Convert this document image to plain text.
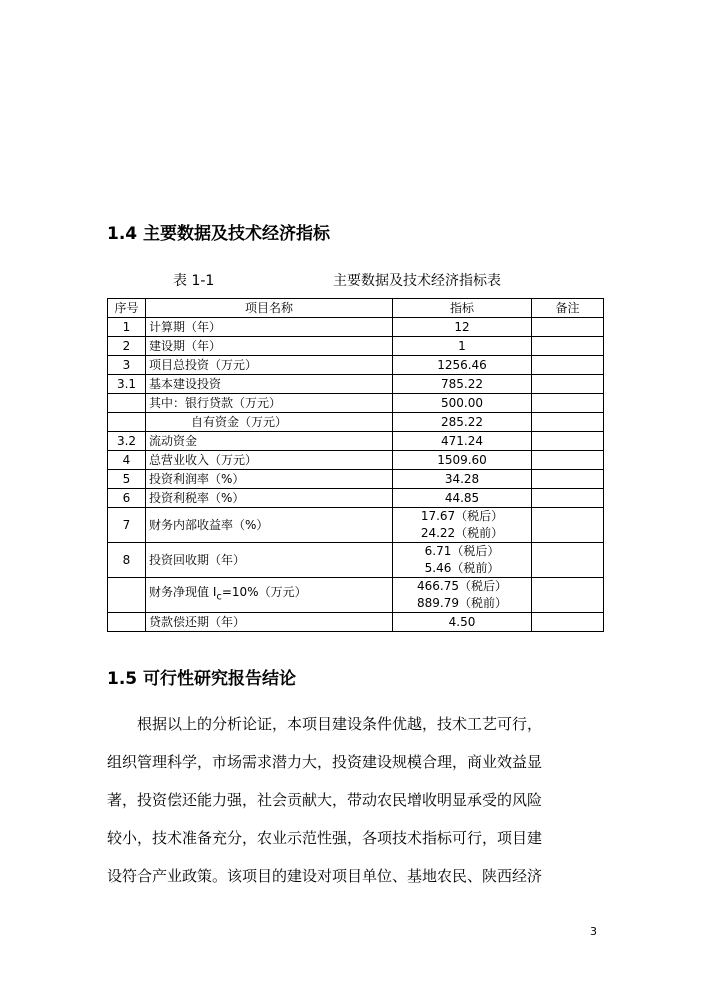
1.4 主要数据及技术经济指标
表 1-1	主要数据及技术经济指标表
序号	项目名称	指标	备注
1	计算期（年）	12	
2	建设期（年）	1	
3	项目总投资（万元）	1256.46	
3.1	基本建设投资	785.22	
	其中：银行贷款（万元）	500.00	
	自有资金（万元）	285.22	
3.2	流动资金	471.24	
4	总营业收入（万元）	1509.60	
5	投资利润率（%）	34.28	
6	投资利税率（%）	44.85	
7	财务内部收益率（%）	17.67（税后）
24.22（税前）	

8	投资回收期（年）	6.71（税后）
5.46（税前）	

	财务净现值 $I_c=10\%$（万元）	466.75（税后）
889.79（税前）	

	贷款偿还期（年）	4.50	
1.5 可行性研究报告结论
根据以上的分析论证，本项目建设条件优越，技术工艺可行，
组织管理科学，市场需求潜力大，投资建设规模合理，商业效益显
著，投资偿还能力强，社会贡献大，带动农民增收明显承受的风险
较小，技术准备充分，农业示范性强，各项技术指标可行，项目建
设符合产业政策。该项目的建设对项目单位、基地农民、陕西经济
3
